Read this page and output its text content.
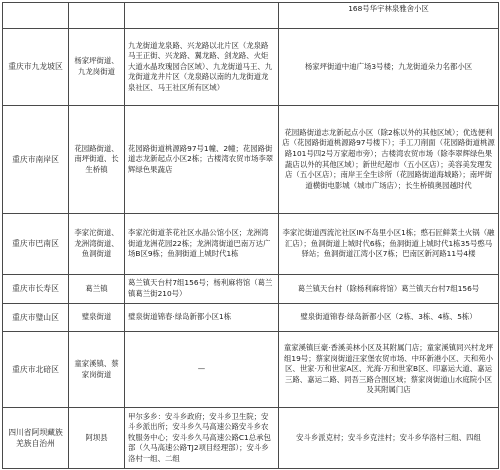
			168号华宇林泉雅舍小区
重庆市九龙坡区	杨家坪街道、九龙岗街道	九龙街道龙泉路、兴龙路以北片区（龙泉路马王正街、兴龙路、翼龙路、剑龙路、火炬大道水晶玫瑰园合区域）、九龙街道马王、九龙街道龙井片区（龙泉路以南的九龙街道龙泉社区、马王社区所有区域）	杨家坪街道中迪广场3号楼；九龙街道朵力名都小区
重庆市南岸区	花园路街道、南坪街道、长生桥镇	花园路街道桃源路97号1幢、2幢；花园路街道志龙新起点小区2栋；古楼湾农贸市场李翠辉绿色果蔬店	花园路街道志龙新起点小区（除2栋以外的其他区域）；优选便利店（花园路街道桃源路97号楼下）；手工刀削面（花园路街道桃源路101号四2号万家超市旁）；古楼湾农贸市场（除李翠辉绿色果蔬店以外的其他区域）；新世纪超市（五小区店）；美容美发理发店（五小区店）；南岸王全生诊所（花园路街道海城路）；南坪街道横街电影城（城市广场店）；长生桥镇奥园越时代
重庆市巴南区	李家沱街道、龙洲湾街道、鱼洞街道	李家沱街道茶花社区水晶公馆小区；龙洲湾街道龙洲花园22栋；龙洲湾街道巴南万达广场B区9栋；鱼洞街道上城时代1栋	李家沱街道西流沱社区IN不岛里小区1栋；憨石匠鲜菜土火锅（融汇店）；鱼洞街道上城时代6栋；鱼洞街道上城时代1栋35号憨马驿站；鱼洞街道江湾小区7栋；巴南区新河路11号4楼
重庆市长寿区	葛兰镇	葛兰镇天台村7组156号；杨利麻将馆（葛兰镇葛兰街210号）	葛兰镇天台村（除杨利麻将馆）葛兰镇天台村7组156号
重庆市璧山区	璧泉街道	璧泉街道锦春·绿岛新都小区1栋	璧泉街道锦春·绿岛新都小区（2栋、3栋、4栋、5栋）
重庆市北碚区	童家溪镇、蔡家岗街道	—	童家溪镇巨豪·香溪美林小区及其附属门店；童家溪镇同兴村龙坪组19号；蔡家岗街道汪家堡农贸市场、中环新港小区、天和苑小区、世家·万和世家A区、光海·万和世家B区、印嘉运大道、嘉运三路、嘉运二路、同吾三路合围区域；蔡家岗街道山水庭院小区及其附属门店
四川省阿坝藏族羌族自治州	阿坝县	甲尔多乡：安斗乡政府；安斗乡卫生院；安斗乡派出所；安斗乡久马高速公路安斗乡农牧服务中心；安斗乡久马高速公路C1总承包部（久马高速公路TJ2项目经理部）；安斗乡洛村一组、二组	安斗乡派克村；安斗乡克洼村；安斗乡华洛村三组、四组
